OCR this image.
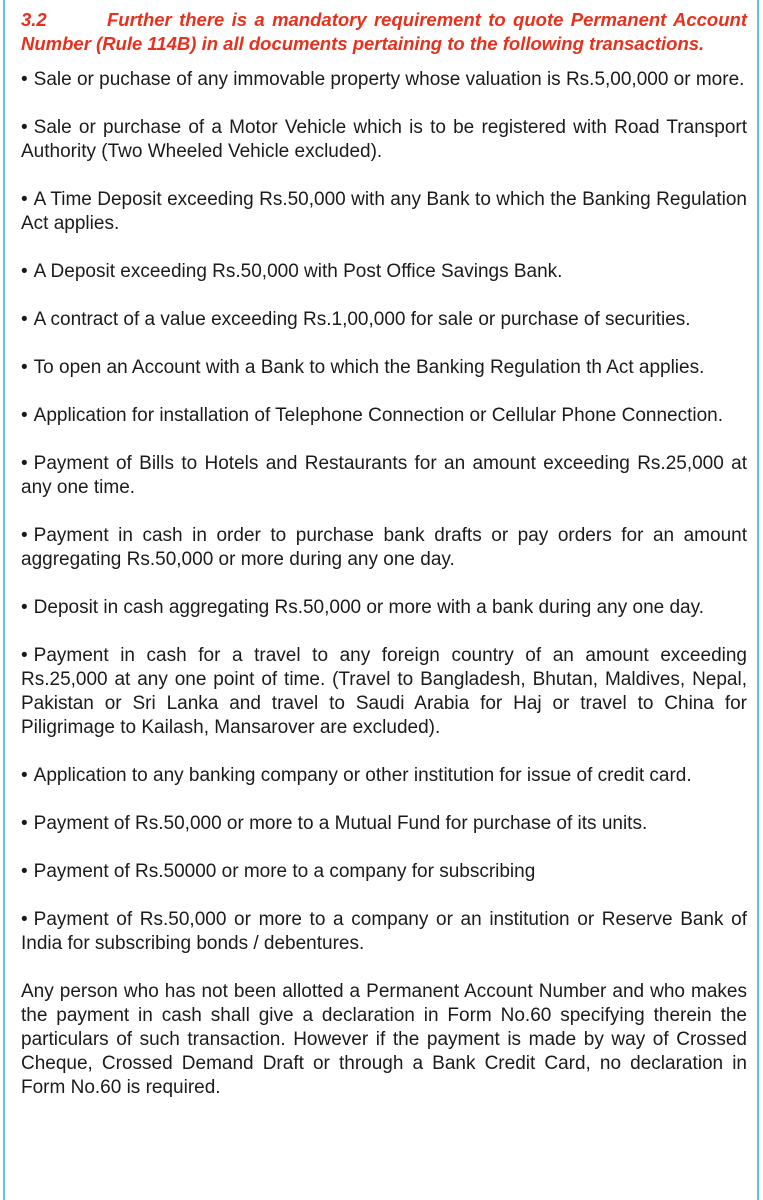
3.2	Further there is a mandatory requirement to quote Permanent Account Number (Rule 114B) in all documents pertaining to the following transactions.

• Sale or puchase of any immovable property whose valuation is Rs.5,00,000 or more.

• Sale or purchase of a Motor Vehicle which is to be registered with Road Transport Authority (Two Wheeled Vehicle excluded).

• A Time Deposit exceeding Rs.50,000 with any Bank to which the Banking Regulation Act applies.

• A Deposit exceeding Rs.50,000 with Post Office Savings Bank.

• A contract of a value exceeding Rs.1,00,000 for sale or purchase of securities.

• To open an Account with a Bank to which the Banking Regulation th Act applies.

• Application for installation of Telephone Connection or Cellular Phone Connection.

• Payment of Bills to Hotels and Restaurants for an amount exceeding Rs.25,000 at any one time.

• Payment in cash in order to purchase bank drafts or pay orders for an amount aggregating Rs.50,000 or more during any one day.

• Deposit in cash aggregating Rs.50,000 or more with a bank during any one day.

• Payment in cash for a travel to any foreign country of an amount exceeding Rs.25,000 at any one point of time. (Travel to Bangladesh, Bhutan, Maldives, Nepal, Pakistan or Sri Lanka and travel to Saudi Arabia for Haj or travel to China for Piligrimage to Kailash, Mansarover are excluded).

• Application to any banking company or other institution for issue of credit card.

• Payment of Rs.50,000 or more to a Mutual Fund for purchase of its units.

• Payment of Rs.50000 or more to a company for subscribing

• Payment of Rs.50,000 or more to a company or an institution or Reserve Bank of India for subscribing bonds / debentures.

Any person who has not been allotted a Permanent Account Number and who makes the payment in cash shall give a declaration in Form No.60 specifying therein the particulars of such transaction. However if the payment is made by way of Crossed Cheque, Crossed Demand Draft or through a Bank Credit Card, no declaration in Form No.60 is required.
